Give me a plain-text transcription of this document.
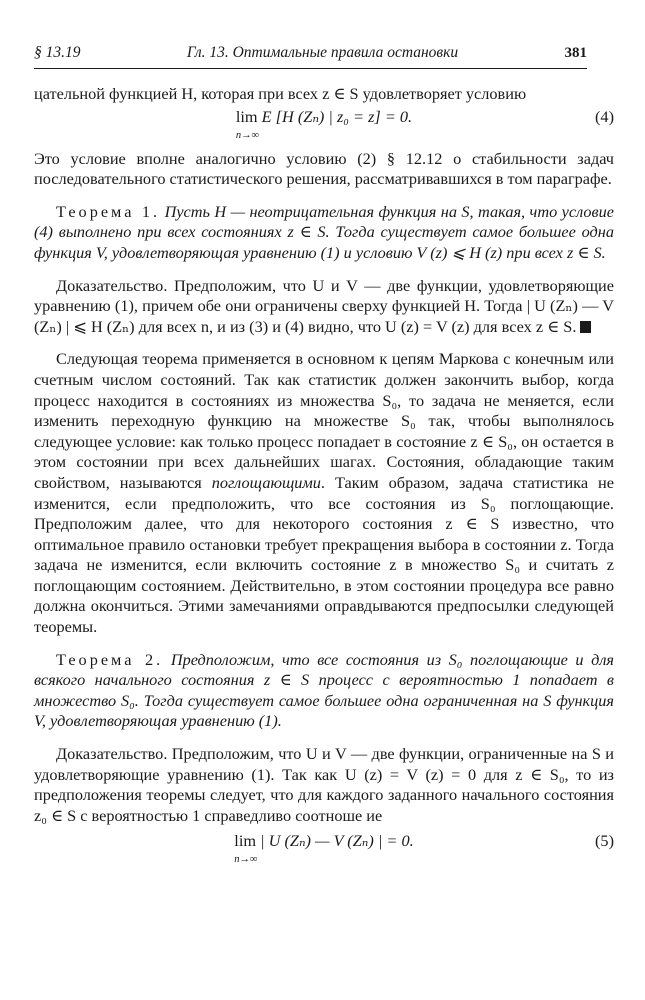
§ 13.19	Гл. 13. Оптимальные правила остановки	381

цательной функцией H, которая при всех z ∈ S удовлетворяет условию

lim
n→∞
E [H (Zₙ) | z₀ = z] = 0.	(4)

Это условие вполне аналогично условию (2) § 12.12 о стабильности задач последовательного статистического решения, рассматривавшихся в том параграфе.

Теорема 1. Пусть H — неотрицательная функция на S, такая, что условие (4) выполнено при всех состояниях z ∈ S. Тогда существует самое большее одна функция V, удовлетворяющая уравнению (1) и условию V (z) ⩽ H (z) при всех z ∈ S.

Доказательство. Предположим, что U и V — две функции, удовлетворяющие уравнению (1), причем обе они ограничены сверху функцией H. Тогда | U (Zₙ) — V (Zₙ) | ⩽ H (Zₙ) для всех n, и из (3) и (4) видно, что U (z) = V (z) для всех z ∈ S.

Следующая теорема применяется в основном к цепям Маркова с конечным или счетным числом состояний. Так как статистик должен закончить выбор, когда процесс находится в состояниях из множества S₀, то задача не меняется, если изменить переходную функцию на множестве S₀ так, чтобы выполнялось следующее условие: как только процесс попадает в состояние z ∈ S₀, он остается в этом состоянии при всех дальнейших шагах. Состояния, обладающие таким свойством, называются поглощающими. Таким образом, задача статистика не изменится, если предположить, что все состояния из S₀ поглощающие. Предположим далее, что для некоторого состояния z ∈ S известно, что оптимальное правило остановки требует прекращения выбора в состоянии z. Тогда задача не изменится, если включить состояние z в множество S₀ и считать z поглощающим состоянием. Действительно, в этом состоянии процедура все равно должна окончиться. Этими замечаниями оправдываются предпосылки следующей теоремы.

Теорема 2. Предположим, что все состояния из S₀ поглощающие и для всякого начального состояния z ∈ S процесс с вероятностью 1 попадает в множество S₀. Тогда существует самое большее одна ограниченная на S функция V, удовлетворяющая уравнению (1).

Доказательство. Предположим, что U и V — две функции, ограниченные на S и удовлетворяющие уравнению (1). Так как U (z) = V (z) = 0 для z ∈ S₀, то из предположения теоремы следует, что для каждого заданного начального состояния z₀ ∈ S с вероятностью 1 справедливо соотноше ие

lim
n→∞
| U (Zₙ) — V (Zₙ) | = 0.	(5)
